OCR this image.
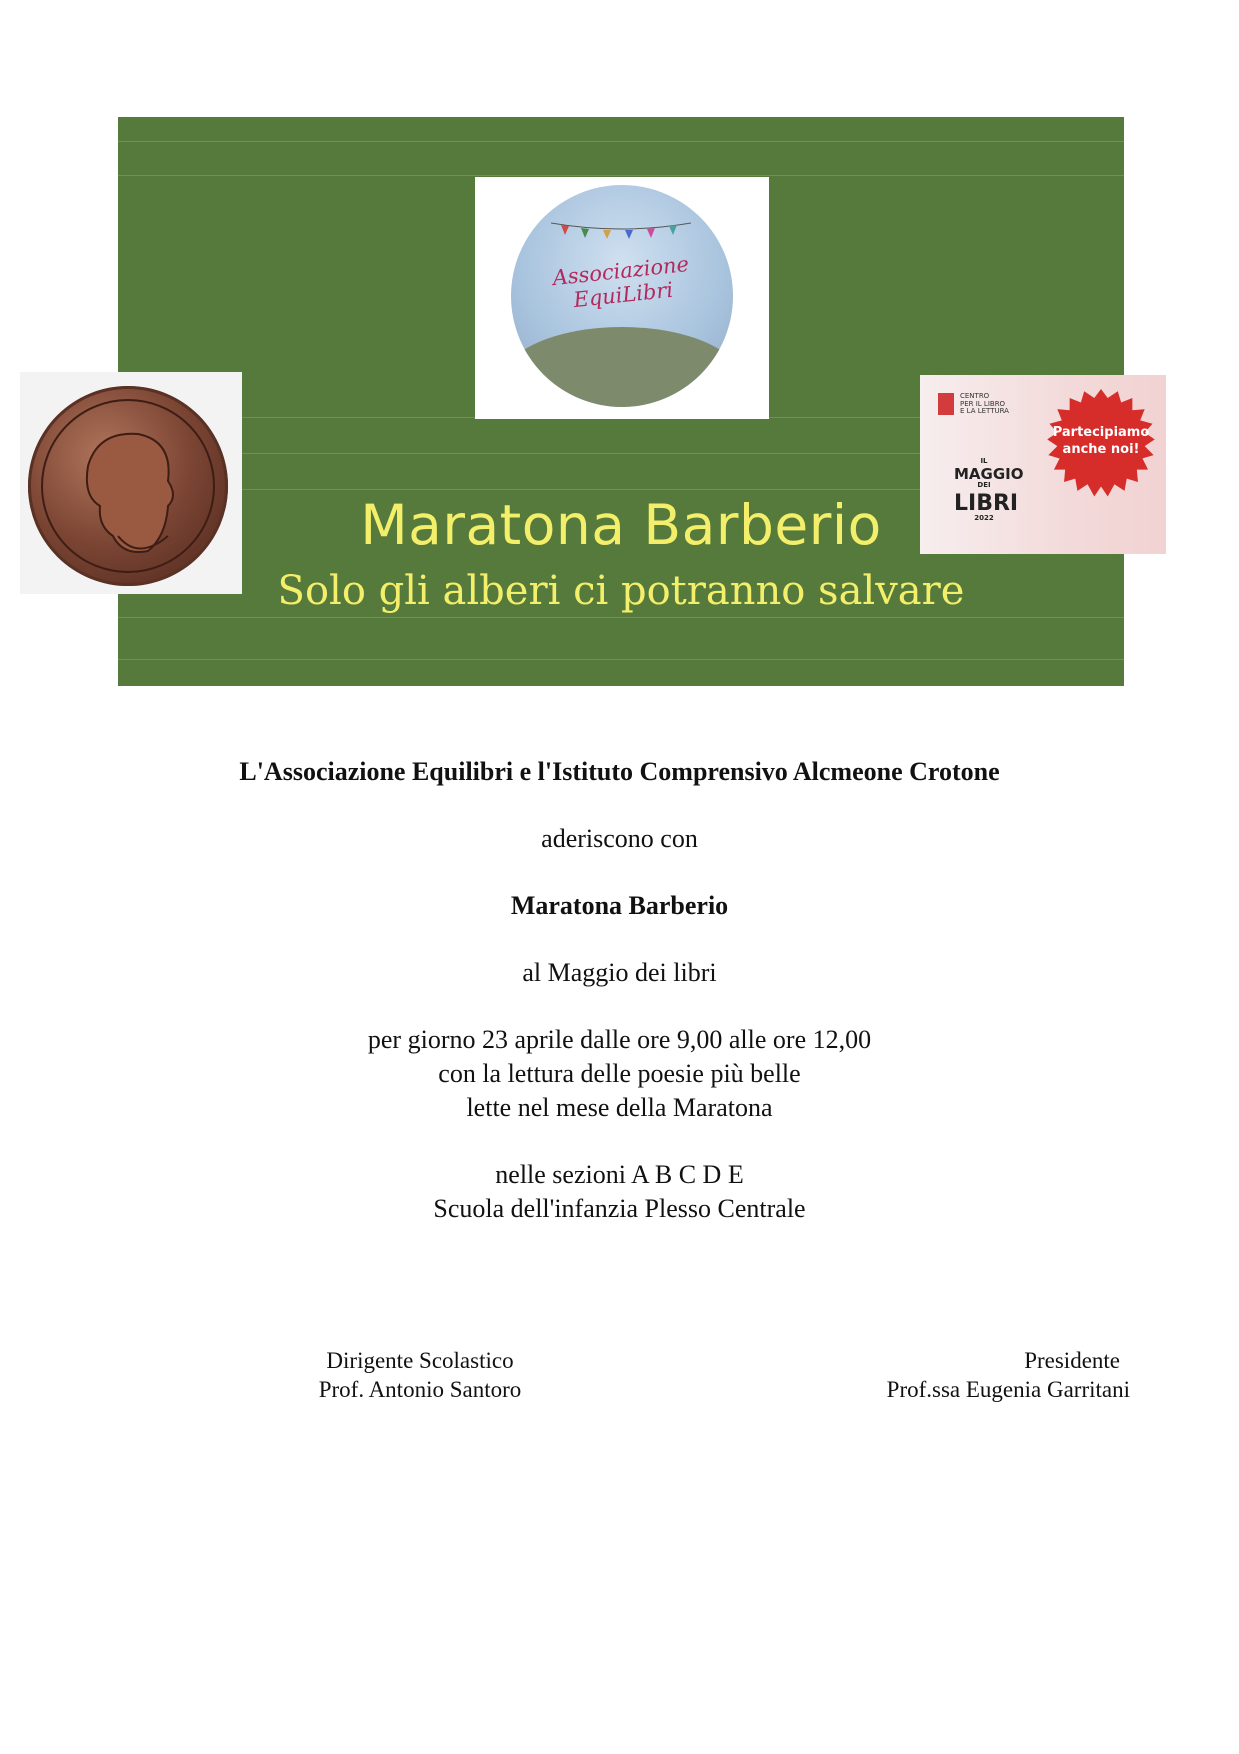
Associazione EquiLibri
CENTRO
PER IL LIBRO
E LA LETTURA
IL
MAGGIO
DEI
LIBRI
2022
Partecipiamo
anche noi!
Maratona Barberio
Solo gli alberi ci potranno salvare
L'Associazione Equilibri e l'Istituto Comprensivo Alcmeone Crotone
aderiscono con
Maratona Barberio
al Maggio dei libri
per giorno 23 aprile dalle ore 9,00 alle ore 12,00
con la lettura delle poesie più belle
lette nel mese della Maratona
nelle sezioni A B C D E
Scuola dell'infanzia Plesso Centrale
Dirigente Scolastico
Prof. Antonio Santoro
Presidente
Prof.ssa Eugenia Garritani
